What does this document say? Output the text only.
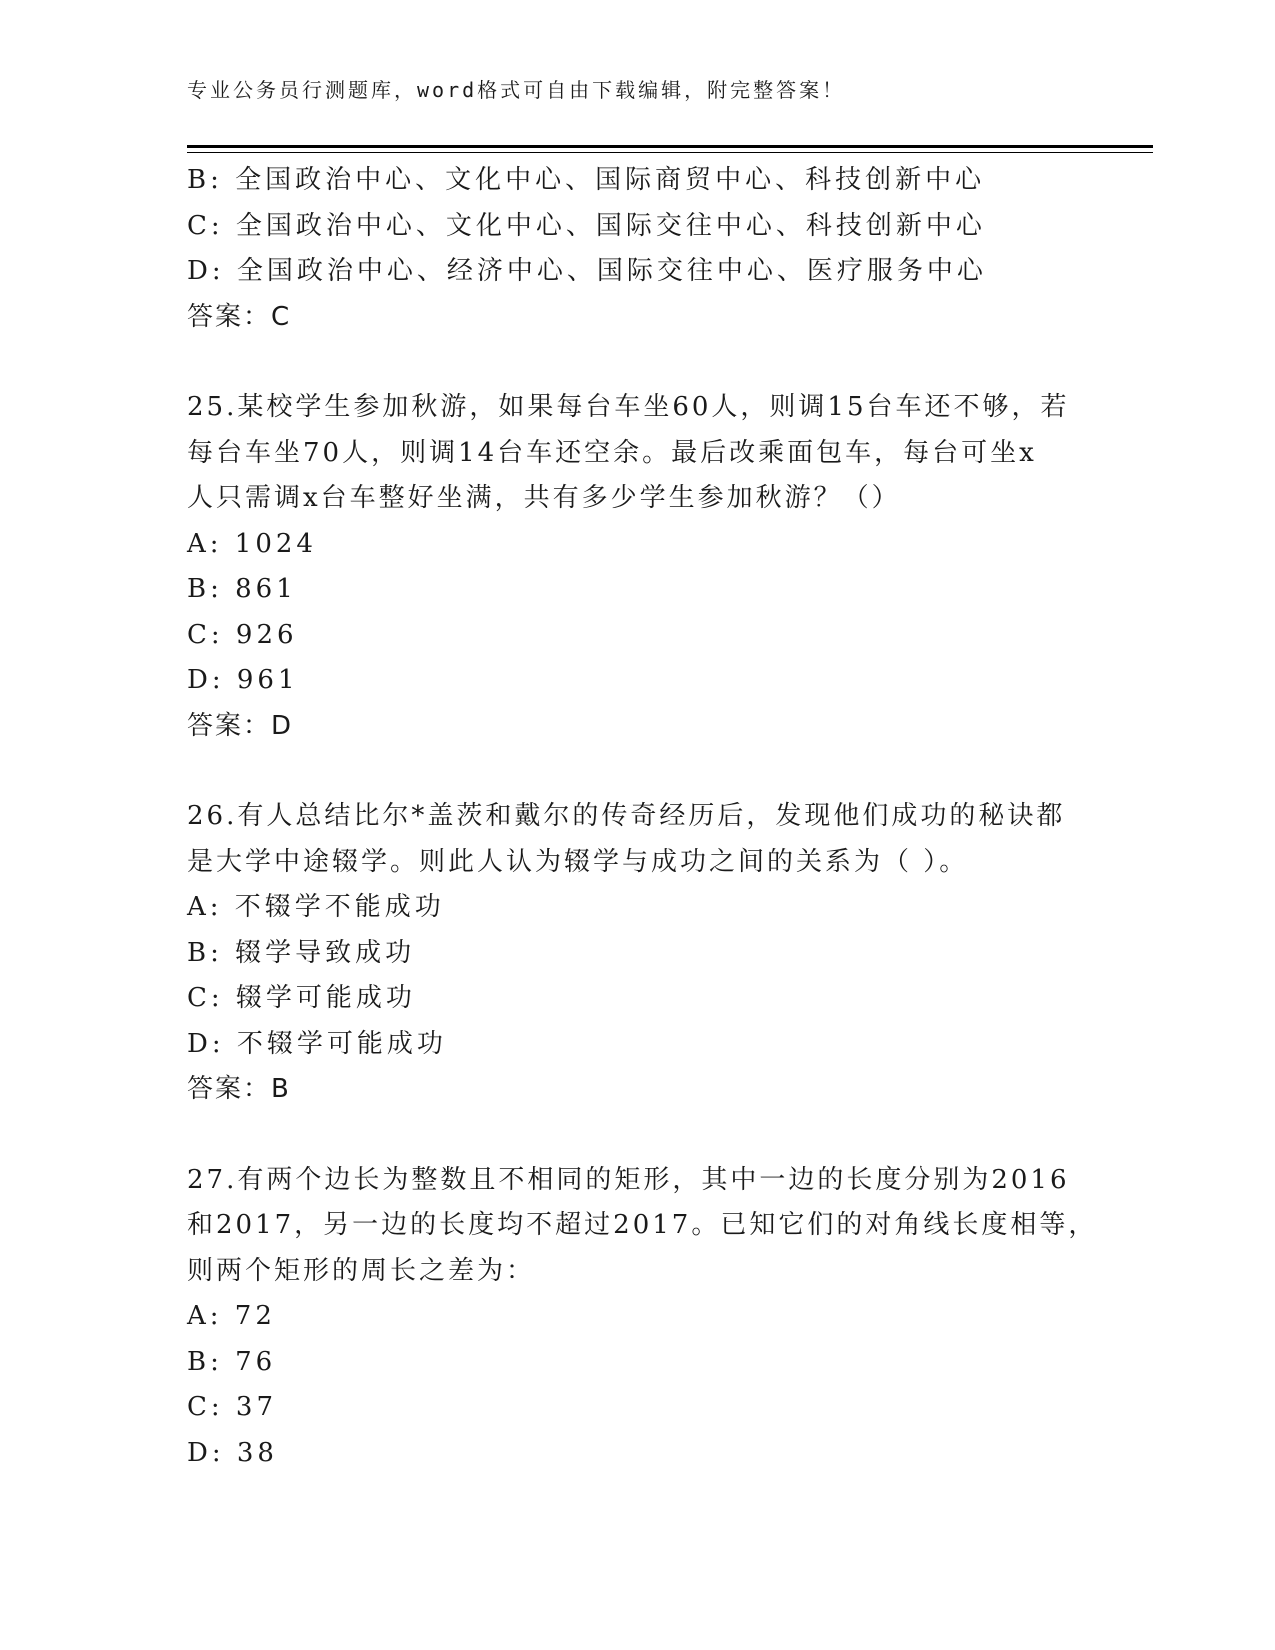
专业公务员行测题库，word格式可自由下载编辑，附完整答案！
B: 全国政治中心、文化中心、国际商贸中心、科技创新中心
C: 全国政治中心、文化中心、国际交往中心、科技创新中心
D: 全国政治中心、经济中心、国际交往中心、医疗服务中心
答案：C
25.某校学生参加秋游，如果每台车坐60人，则调15台车还不够，若
每台车坐70人，则调14台车还空余。最后改乘面包车，每台可坐x
人只需调x台车整好坐满，共有多少学生参加秋游？（）
A: 1024
B: 861
C: 926
D: 961
答案：D
26.有人总结比尔*盖茨和戴尔的传奇经历后，发现他们成功的秘诀都
是大学中途辍学。则此人认为辍学与成功之间的关系为（ ）。
A: 不辍学不能成功
B: 辍学导致成功
C: 辍学可能成功
D: 不辍学可能成功
答案：B
27.有两个边长为整数且不相同的矩形，其中一边的长度分别为2016
和2017，另一边的长度均不超过2017。已知它们的对角线长度相等，
则两个矩形的周长之差为：
A: 72
B: 76
C: 37
D: 38
